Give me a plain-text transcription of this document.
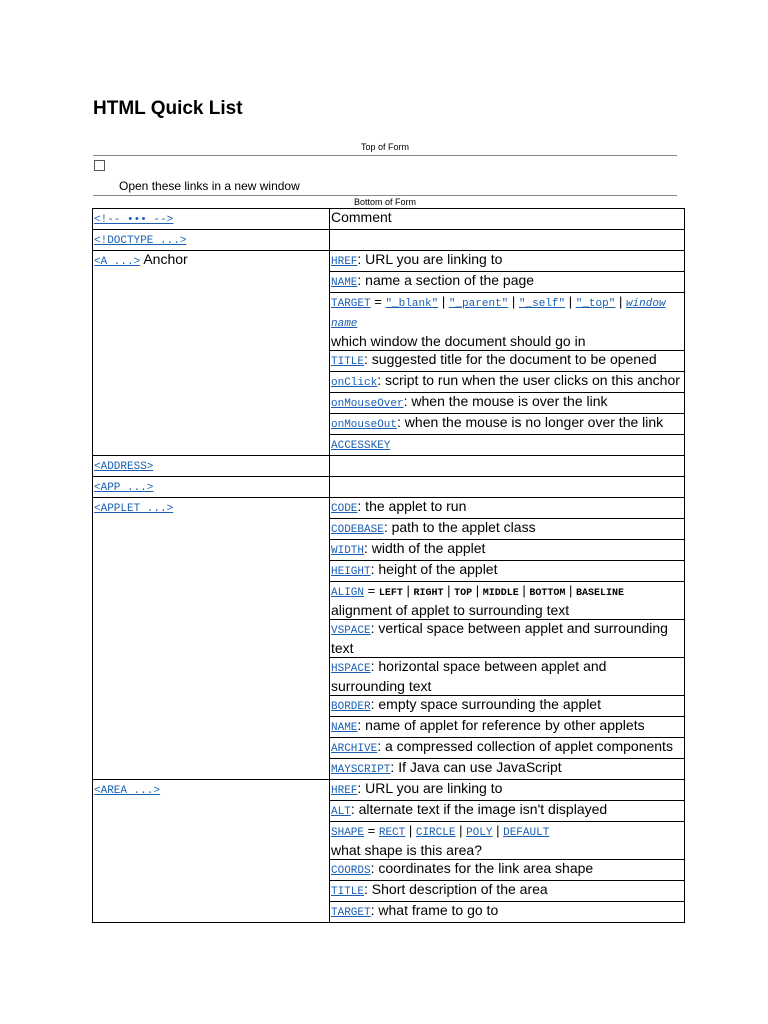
HTML Quick List
Top of Form
Open these links in a new window
Bottom of Form
<!-- ••• -->	Comment
<!DOCTYPE ...>	

<A ...> Anchor	HREF: URL you are linking to
	NAME: name a section of the page
	TARGET = "_blank" | "_parent" | "_self" | "_top" | window name
which window the document should go in
	TITLE: suggested title for the document to be opened
	onClick: script to run when the user clicks on this anchor
	onMouseOver: when the mouse is over the link
	onMouseOut: when the mouse is no longer over the link
	ACCESSKEY
<ADDRESS>	

<APP ...>	

<APPLET ...>	CODE: the applet to run
	CODEBASE: path to the applet class
	WIDTH: width of the applet
	HEIGHT: height of the applet
	ALIGN = LEFT | RIGHT | TOP | MIDDLE | BOTTOM | BASELINE
alignment of applet to surrounding text
	VSPACE: vertical space between applet and surrounding text
	HSPACE: horizontal space between applet and surrounding text
	BORDER: empty space surrounding the applet
	NAME: name of applet for reference by other applets
	ARCHIVE: a compressed collection of applet components
	MAYSCRIPT: If Java can use JavaScript
<AREA ...>	HREF: URL you are linking to
	ALT: alternate text if the image isn't displayed
	SHAPE = RECT | CIRCLE | POLY | DEFAULT
what shape is this area?
	COORDS: coordinates for the link area shape
	TITLE: Short description of the area
	TARGET: what frame to go to
